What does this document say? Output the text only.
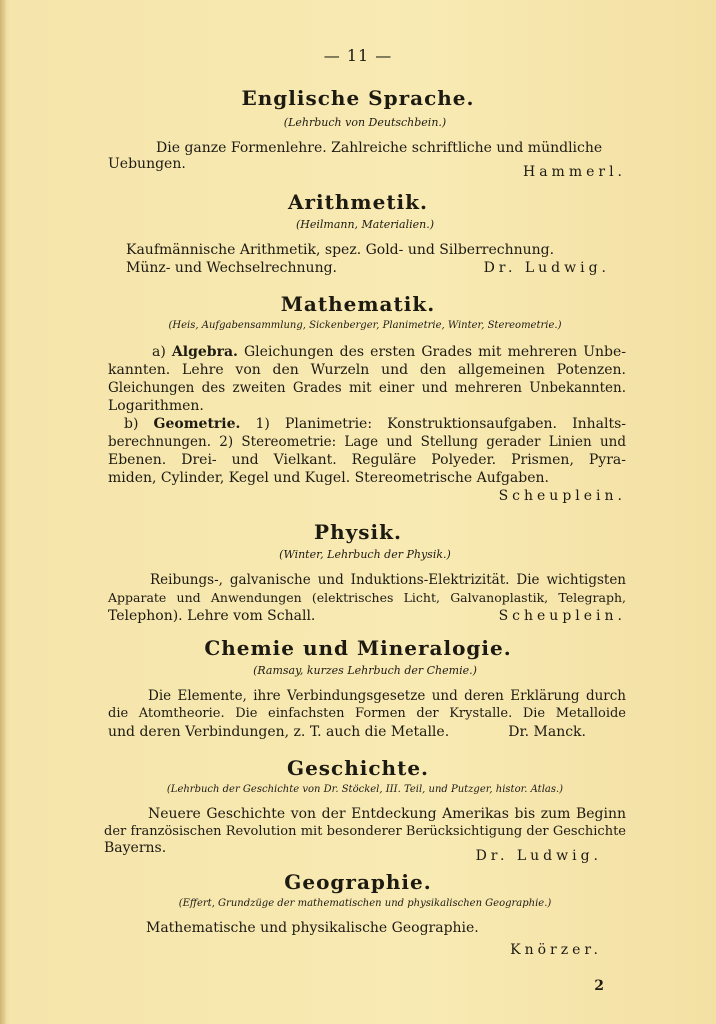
— 11 —
Englische Sprache.
(Lehrbuch von Deutschbein.)
Die ganze Formenlehre. Zahlreiche schriftliche und mündliche
Uebungen.	Hammerl.
Arithmetik.
(Heilmann, Materialien.)
Kaufmännische Arithmetik, spez. Gold- und Silberrechnung.
Münz- und Wechselrechnung.	Dr. Ludwig.
Mathematik.
(Heis, Aufgabensammlung, Sickenberger, Planimetrie, Winter, Stereometrie.)
a) Algebra. Gleichungen des ersten Grades mit mehreren Unbe-
kannten. Lehre von den Wurzeln und den allgemeinen Potenzen.
Gleichungen des zweiten Grades mit einer und mehreren Unbekannten.
Logarithmen.
b) Geometrie. 1) Planimetrie: Konstruktionsaufgaben. Inhalts-
berechnungen. 2) Stereometrie: Lage und Stellung gerader Linien und
Ebenen. Drei- und Vielkant. Reguläre Polyeder. Prismen, Pyra-
miden, Cylinder, Kegel und Kugel. Stereometrische Aufgaben.
Scheuplein.
Physik.
(Winter, Lehrbuch der Physik.)
Reibungs-, galvanische und Induktions-Elektrizität. Die wichtigsten
Apparate und Anwendungen (elektrisches Licht, Galvanoplastik, Telegraph,
Telephon). Lehre vom Schall.	Scheuplein.
Chemie und Mineralogie.
(Ramsay, kurzes Lehrbuch der Chemie.)
Die Elemente, ihre Verbindungsgesetze und deren Erklärung durch
die Atomtheorie. Die einfachsten Formen der Krystalle. Die Metalloide
und deren Verbindungen, z. T. auch die Metalle.	Dr. Manck.
Geschichte.
(Lehrbuch der Geschichte von Dr. Stöckel, III. Teil, und Putzger, histor. Atlas.)
Neuere Geschichte von der Entdeckung Amerikas bis zum Beginn
der französischen Revolution mit besonderer Berücksichtigung der Geschichte
Bayerns.	Dr. Ludwig.
Geographie.
(Effert, Grundzüge der mathematischen und physikalischen Geographie.)
Mathematische und physikalische Geographie.
Knörzer.
2
